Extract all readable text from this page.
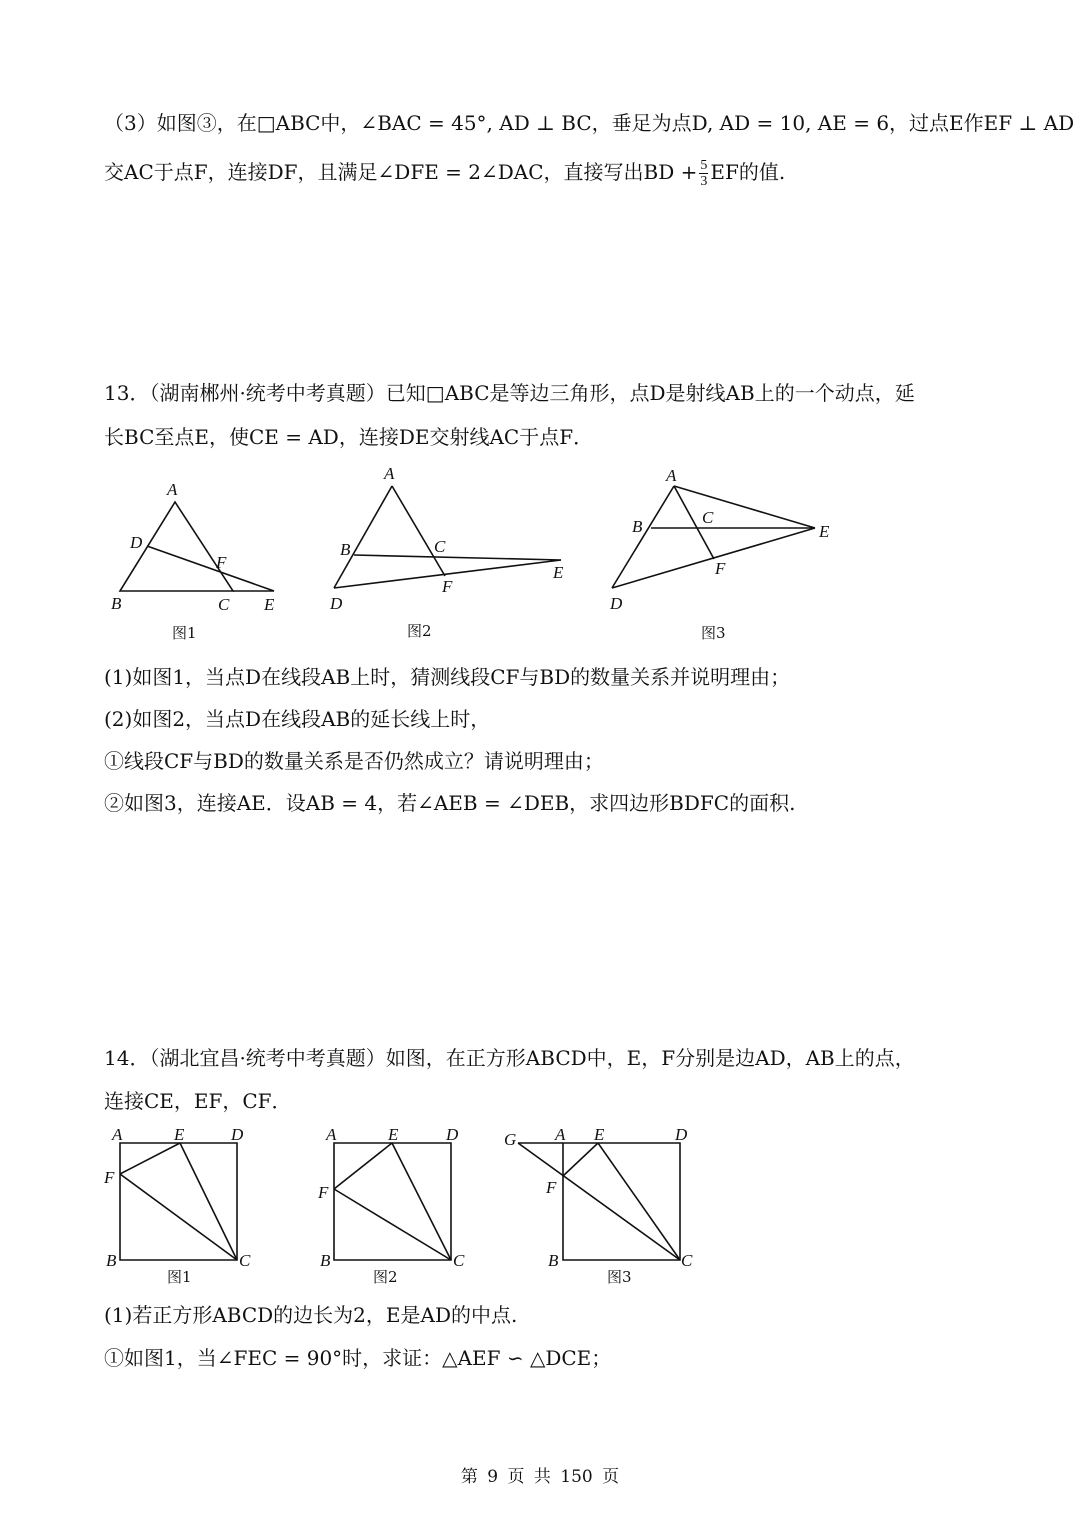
（3）如图③，在□ABC中，∠BAC = 45°, AD ⊥ BC，垂足为点D, AD = 10, AE = 6，过点E作EF ⊥ AD
交AC于点F，连接DF，且满足∠DFE = 2∠DAC，直接写出BD + $\frac{5}{3}$ EF的值.
13．（湖南郴州·统考中考真题）已知□ABC是等边三角形，点D是射线AB上的一个动点，延
长BC至点E，使CE = AD，连接DE交射线AC于点F．
A
D
F
B	C E
图1
A
B	C
E
F
D
图2
A
B	C
E
F
D
图3
(1)如图1，当点D在线段AB上时，猜测线段CF与BD的数量关系并说明理由；
(2)如图2，当点D在线段AB的延长线上时，
①线段CF与BD的数量关系是否仍然成立？请说明理由；
②如图3，连接AE．设AB = 4，若∠AEB = ∠DEB，求四边形BDFC的面积.
14．（湖北宜昌·统考中考真题）如图，在正方形ABCD中，E，F分别是边AD，AB上的点，
连接CE，EF，CF．
A	E	D
F
B	C
图1
A	E	D
F
B	C
图2
G A E	D
F
B	C
图3
(1)若正方形ABCD的边长为2，E是AD的中点.
①如图1，当∠FEC = 90°时，求证：△AEF ∽ △DCE；
第 9 页 共 150 页
